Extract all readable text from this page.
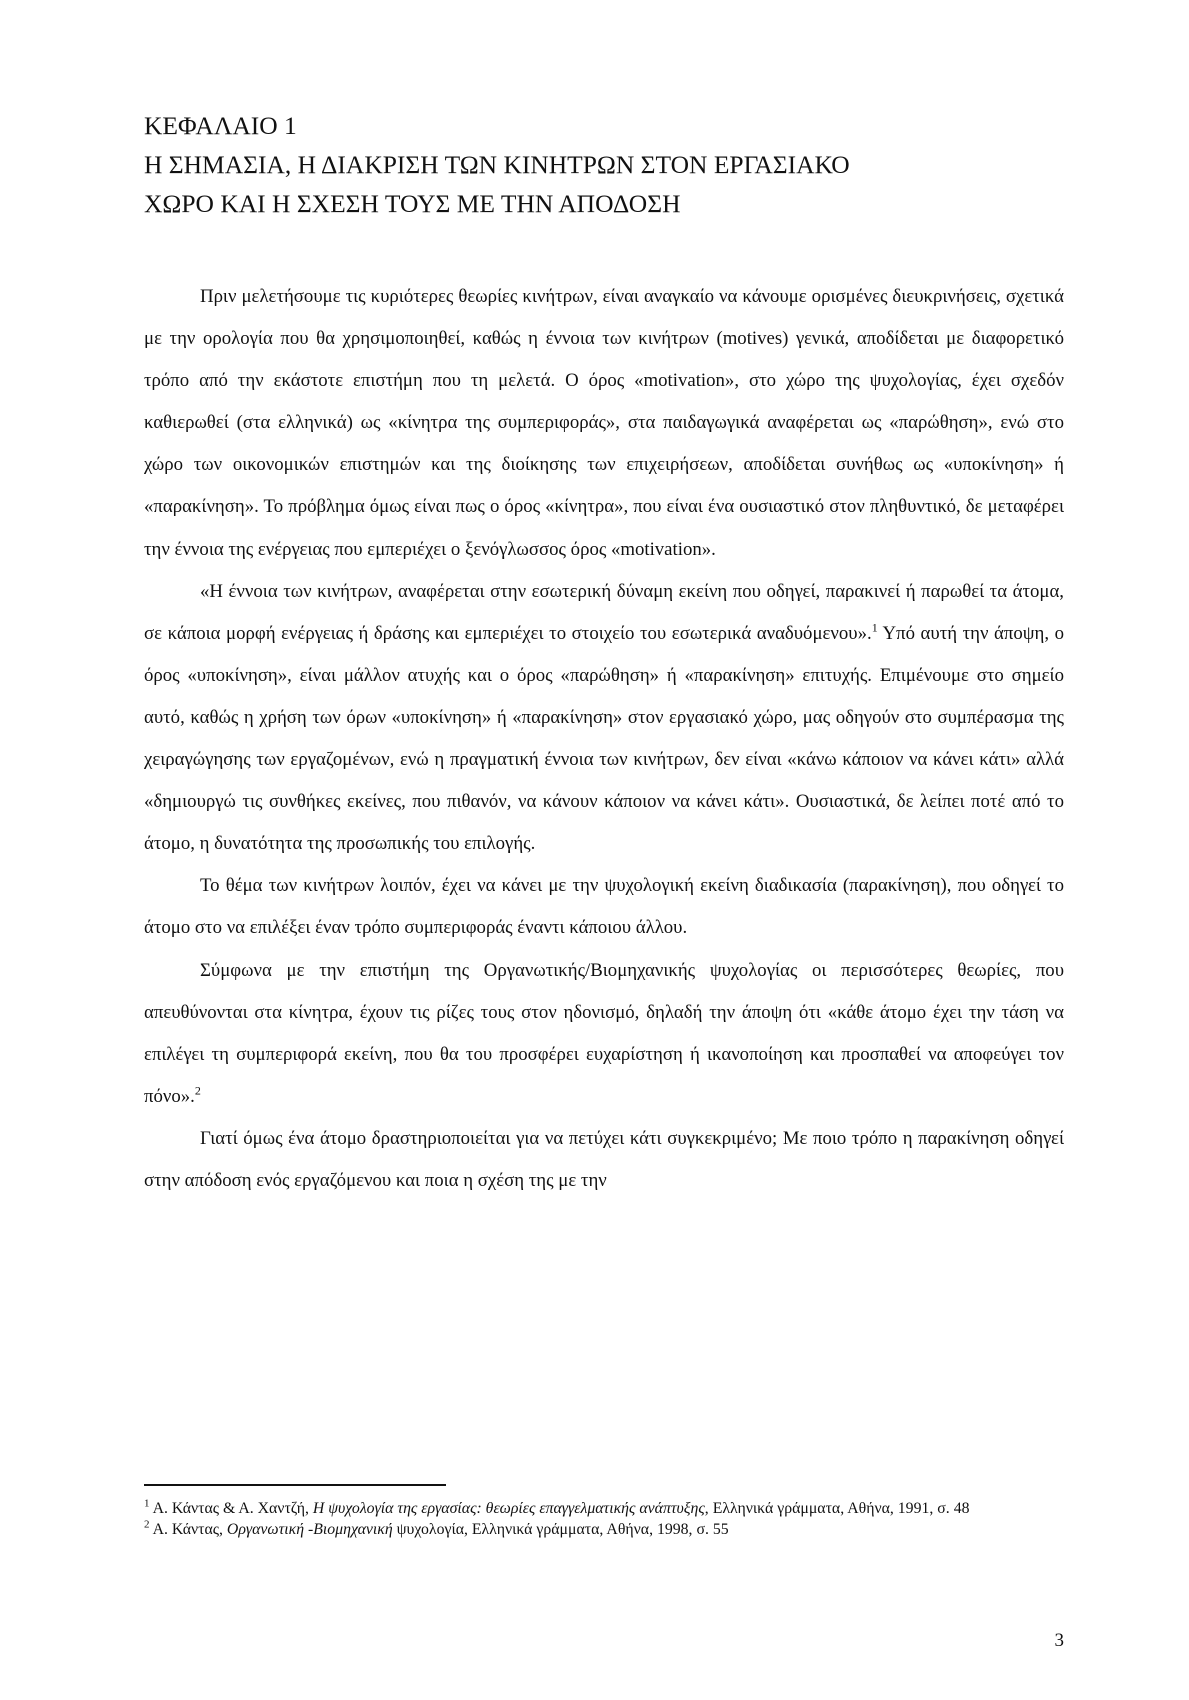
ΚΕΦΑΛΑΙΟ 1
Η ΣΗΜΑΣΙΑ, Η ΔΙΑΚΡΙΣΗ ΤΩΝ ΚΙΝΗΤΡΩΝ ΣΤΟΝ ΕΡΓΑΣΙΑΚΟ
ΧΩΡΟ ΚΑΙ Η ΣΧΕΣΗ ΤΟΥΣ ΜΕ ΤΗΝ ΑΠΟΔΟΣΗ

Πριν μελετήσουμε τις κυριότερες θεωρίες κινήτρων, είναι αναγκαίο να κάνουμε ορισμένες διευκρινήσεις, σχετικά με την ορολογία που θα χρησιμοποιηθεί, καθώς η έννοια των κινήτρων (motives) γενικά, αποδίδεται με διαφορετικό τρόπο από την εκάστοτε επιστήμη που τη μελετά. Ο όρος «motivation», στο χώρο της ψυχολογίας, έχει σχεδόν καθιερωθεί (στα ελληνικά) ως «κίνητρα της συμπεριφοράς», στα παιδαγωγικά αναφέρεται ως «παρώθηση», ενώ στο χώρο των οικονομικών επιστημών και της διοίκησης των επιχειρήσεων, αποδίδεται συνήθως ως «υποκίνηση» ή «παρακίνηση». Το πρόβλημα όμως είναι πως ο όρος «κίνητρα», που είναι ένα ουσιαστικό στον πληθυντικό, δε μεταφέρει την έννοια της ενέργειας που εμπεριέχει ο ξενόγλωσσος όρος «motivation».

«Η έννοια των κινήτρων, αναφέρεται στην εσωτερική δύναμη εκείνη που οδηγεί, παρακινεί ή παρωθεί τα άτομα, σε κάποια μορφή ενέργειας ή δράσης και εμπεριέχει το στοιχείο του εσωτερικά αναδυόμενου».$^1$ Υπό αυτή την άποψη, ο όρος «υποκίνηση», είναι μάλλον ατυχής και ο όρος «παρώθηση» ή «παρακίνηση» επιτυχής. Επιμένουμε στο σημείο αυτό, καθώς η χρήση των όρων «υποκίνηση» ή «παρακίνηση» στον εργασιακό χώρο, μας οδηγούν στο συμπέρασμα της χειραγώγησης των εργαζομένων, ενώ η πραγματική έννοια των κινήτρων, δεν είναι «κάνω κάποιον να κάνει κάτι» αλλά «δημιουργώ τις συνθήκες εκείνες, που πιθανόν, να κάνουν κάποιον να κάνει κάτι». Ουσιαστικά, δε λείπει ποτέ από το άτομο, η δυνατότητα της προσωπικής του επιλογής.

Το θέμα των κινήτρων λοιπόν, έχει να κάνει με την ψυχολογική εκείνη διαδικασία (παρακίνηση), που οδηγεί το άτομο στο να επιλέξει έναν τρόπο συμπεριφοράς έναντι κάποιου άλλου.

Σύμφωνα με την επιστήμη της Οργανωτικής/Βιομηχανικής ψυχολογίας οι περισσότερες θεωρίες, που απευθύνονται στα κίνητρα, έχουν τις ρίζες τους στον ηδονισμό, δηλαδή την άποψη ότι «κάθε άτομο έχει την τάση να επιλέγει τη συμπεριφορά εκείνη, που θα του προσφέρει ευχαρίστηση ή ικανοποίηση και προσπαθεί να αποφεύγει τον πόνο».$^2$

Γιατί όμως ένα άτομο δραστηριοποιείται για να πετύχει κάτι συγκεκριμένο; Με ποιο τρόπο η παρακίνηση οδηγεί στην απόδοση ενός εργαζόμενου και ποια η σχέση της με την

$^1$ Α. Κάντας & Α. Χαντζή, Η ψυχολογία της εργασίας: θεωρίες επαγγελματικής ανάπτυξης, Ελληνικά γράμματα, Αθήνα, 1991, σ. 48

$^2$ Α. Κάντας, Οργανωτική -Βιομηχανική ψυχολογία, Ελληνικά γράμματα, Αθήνα, 1998, σ. 55

3
